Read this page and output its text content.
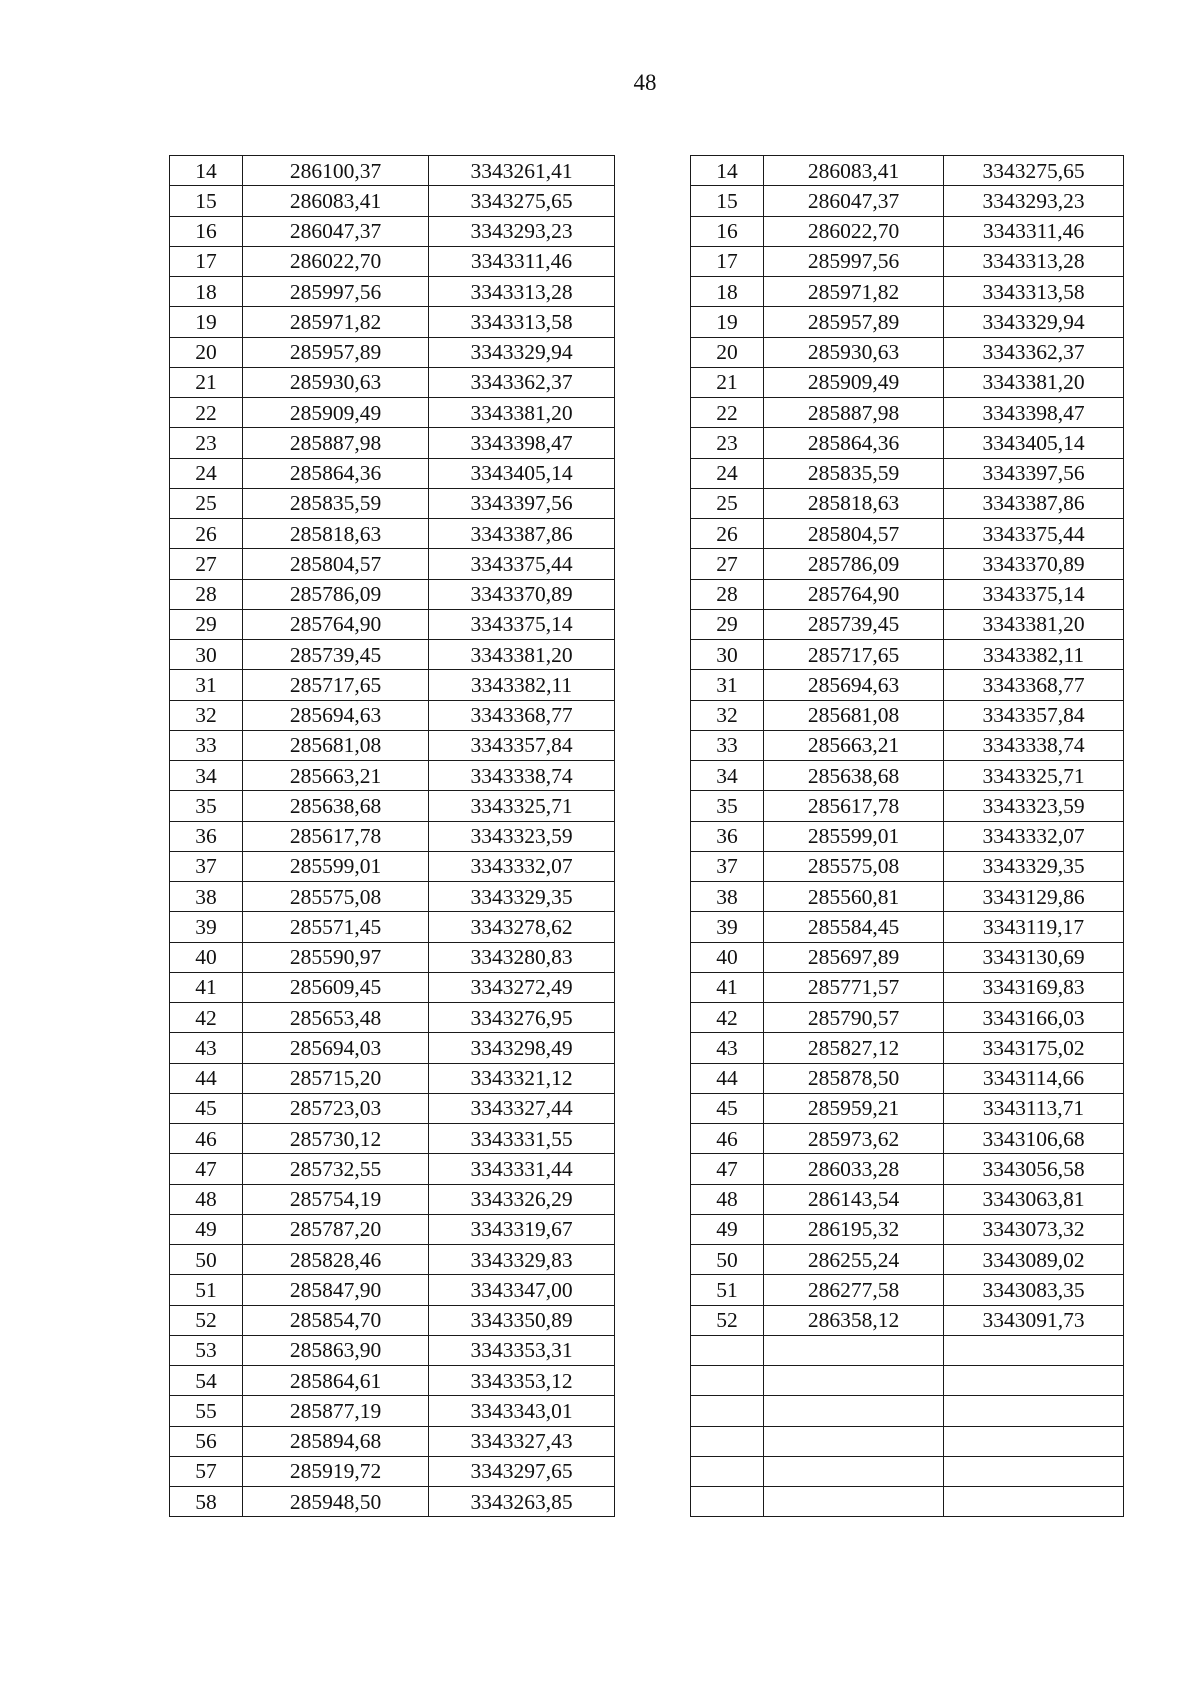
48
14	286100,37	3343261,41
15	286083,41	3343275,65
16	286047,37	3343293,23
17	286022,70	3343311,46
18	285997,56	3343313,28
19	285971,82	3343313,58
20	285957,89	3343329,94
21	285930,63	3343362,37
22	285909,49	3343381,20
23	285887,98	3343398,47
24	285864,36	3343405,14
25	285835,59	3343397,56
26	285818,63	3343387,86
27	285804,57	3343375,44
28	285786,09	3343370,89
29	285764,90	3343375,14
30	285739,45	3343381,20
31	285717,65	3343382,11
32	285694,63	3343368,77
33	285681,08	3343357,84
34	285663,21	3343338,74
35	285638,68	3343325,71
36	285617,78	3343323,59
37	285599,01	3343332,07
38	285575,08	3343329,35
39	285571,45	3343278,62
40	285590,97	3343280,83
41	285609,45	3343272,49
42	285653,48	3343276,95
43	285694,03	3343298,49
44	285715,20	3343321,12
45	285723,03	3343327,44
46	285730,12	3343331,55
47	285732,55	3343331,44
48	285754,19	3343326,29
49	285787,20	3343319,67
50	285828,46	3343329,83
51	285847,90	3343347,00
52	285854,70	3343350,89
53	285863,90	3343353,31
54	285864,61	3343353,12
55	285877,19	3343343,01
56	285894,68	3343327,43
57	285919,72	3343297,65
58	285948,50	3343263,85
14	286083,41	3343275,65
15	286047,37	3343293,23
16	286022,70	3343311,46
17	285997,56	3343313,28
18	285971,82	3343313,58
19	285957,89	3343329,94
20	285930,63	3343362,37
21	285909,49	3343381,20
22	285887,98	3343398,47
23	285864,36	3343405,14
24	285835,59	3343397,56
25	285818,63	3343387,86
26	285804,57	3343375,44
27	285786,09	3343370,89
28	285764,90	3343375,14
29	285739,45	3343381,20
30	285717,65	3343382,11
31	285694,63	3343368,77
32	285681,08	3343357,84
33	285663,21	3343338,74
34	285638,68	3343325,71
35	285617,78	3343323,59
36	285599,01	3343332,07
37	285575,08	3343329,35
38	285560,81	3343129,86
39	285584,45	3343119,17
40	285697,89	3343130,69
41	285771,57	3343169,83
42	285790,57	3343166,03
43	285827,12	3343175,02
44	285878,50	3343114,66
45	285959,21	3343113,71
46	285973,62	3343106,68
47	286033,28	3343056,58
48	286143,54	3343063,81
49	286195,32	3343073,32
50	286255,24	3343089,02
51	286277,58	3343083,35
52	286358,12	3343091,73
